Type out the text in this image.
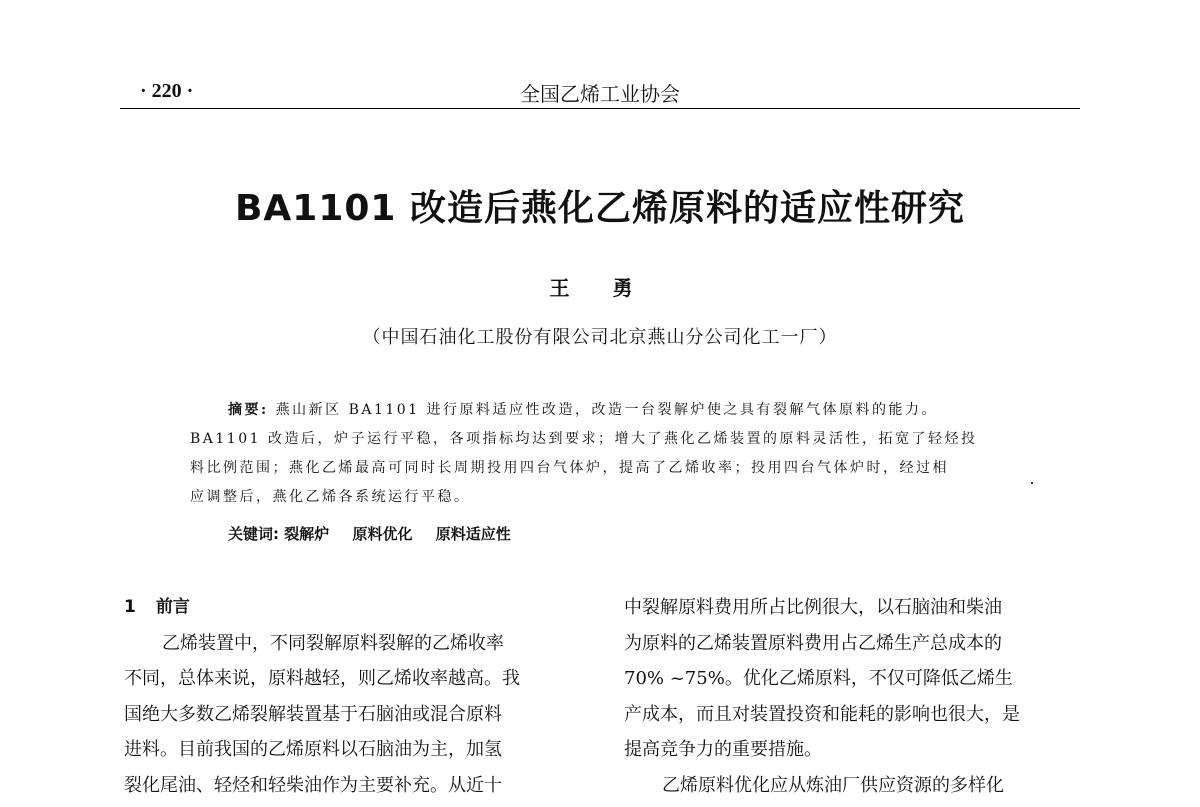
· 220 ·	全国乙烯工业协会
BA1101 改造后燕化乙烯原料的适应性研究
王 勇
（中国石油化工股份有限公司北京燕山分公司化工一厂）
摘要: 燕山新区 BA1101 进行原料适应性改造，改造一台裂解炉使之具有裂解气体原料的能力。
BA1101 改造后，炉子运行平稳，各项指标均达到要求；增大了燕化乙烯装置的原料灵活性，拓宽了轻烃投
料比例范围；燕化乙烯最高可同时长周期投用四台气体炉，提高了乙烯收率；投用四台气体炉时，经过相
应调整后，燕化乙烯各系统运行平稳。
关键词: 裂解炉 原料优化 原料适应性
1 前言
乙烯装置中，不同裂解原料裂解的乙烯收率
不同，总体来说，原料越轻，则乙烯收率越高。我
国绝大多数乙烯裂解装置基于石脑油或混合原料
进料。目前我国的乙烯原料以石脑油为主，加氢
裂化尾油、轻烃和轻柴油作为主要补充。从近十
中裂解原料费用所占比例很大，以石脑油和柴油
为原料的乙烯装置原料费用占乙烯生产总成本的
70% ~75%。优化乙烯原料，不仅可降低乙烯生
产成本，而且对装置投资和能耗的影响也很大，是
提高竞争力的重要措施。
乙烯原料优化应从炼油厂供应资源的多样化
